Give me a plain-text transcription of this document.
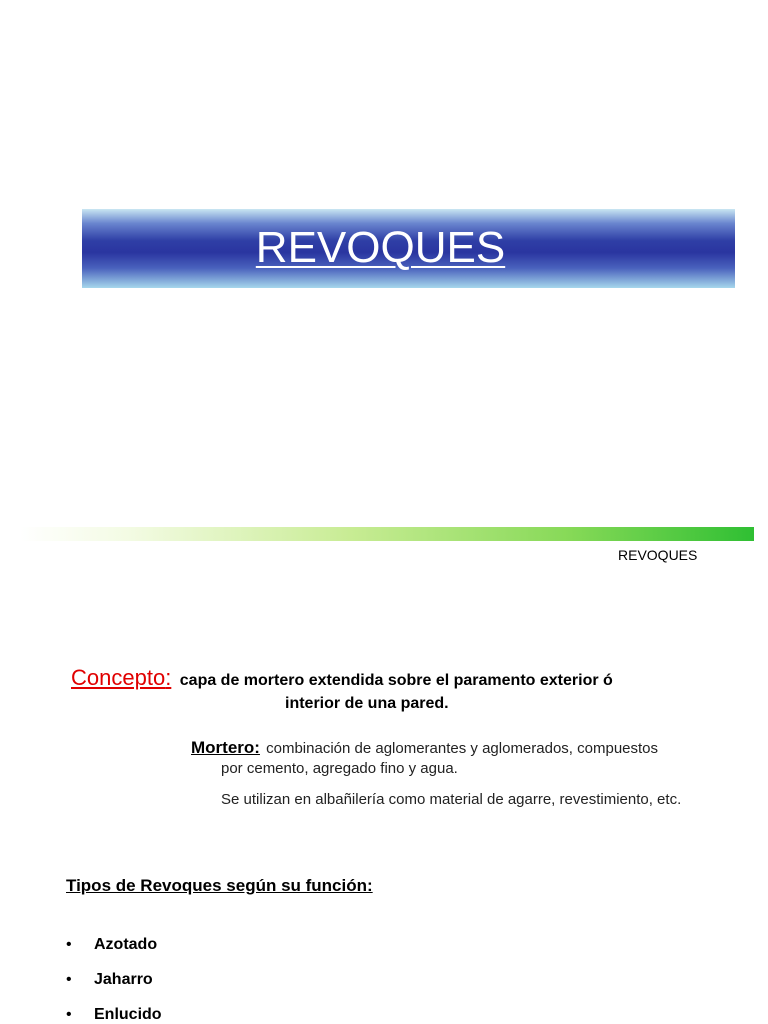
REVOQUES
REVOQUES
Concepto: capa de mortero extendida sobre el paramento exterior ó
interior de una pared.
Mortero: combinación de aglomerantes y aglomerados, compuestos
por cemento, agregado fino y agua.
Se utilizan en albañilería como material de agarre, revestimiento, etc.
Tipos de Revoques según su función:
• Azotado
• Jaharro
• Enlucido
